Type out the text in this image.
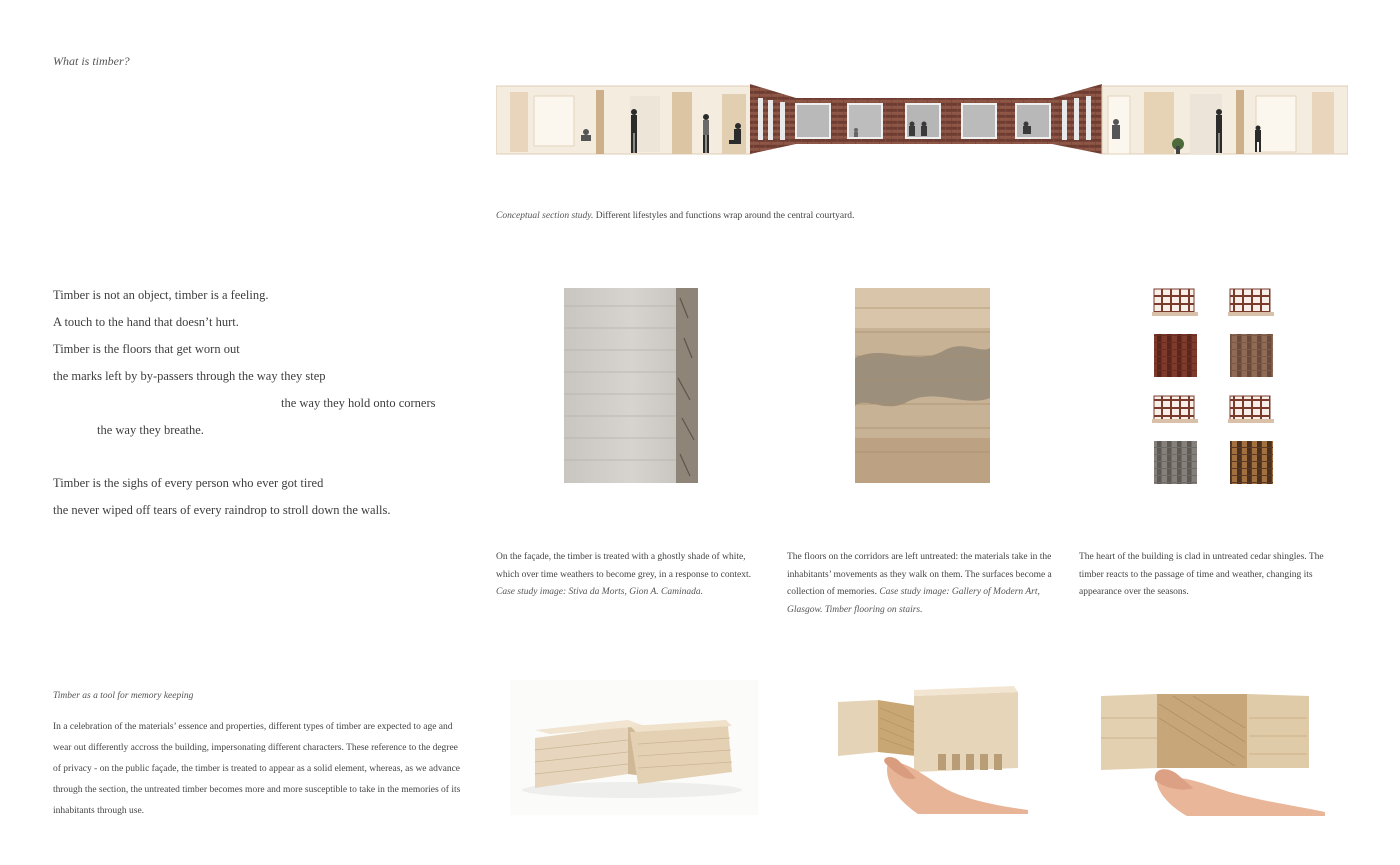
What is timber?
Conceptual section study. Different lifestyles and functions wrap around the central courtyard.
Timber is not an object, timber is a feeling.
A touch to the hand that doesn’t hurt.
Timber is the floors that get worn out
the marks left by by-passers through the way they step
the way they hold onto corners
the way they breathe.
Timber is the sighs of every person who ever got tired
the never wiped off tears of every raindrop to stroll down the walls.
On the façade, the timber is treated with a ghostly shade of white, which over time weathers to become grey, in a response to context. Case study image: Stiva da Morts, Gion A. Caminada.
The floors on the corridors are left untreated: the materials take in the inhabitants’ movements as they walk on them. The surfaces become a collection of memories. Case study image: Gallery of Modern Art, Glasgow. Timber flooring on stairs.
The heart of the building is clad in untreated cedar shingles. The timber reacts to the passage of time and weather, changing its appearance over the seasons.
Timber as a tool for memory keeping
In a celebration of the materials’ essence and properties, different types of timber are expected to age and wear out differently accross the building, impersonating different characters. These reference to the degree of privacy - on the public façade, the timber is treated to appear as a solid element, whereas, as we advance through the section, the untreated timber becomes more and more susceptible to take in the memories of its inhabitants through use.
